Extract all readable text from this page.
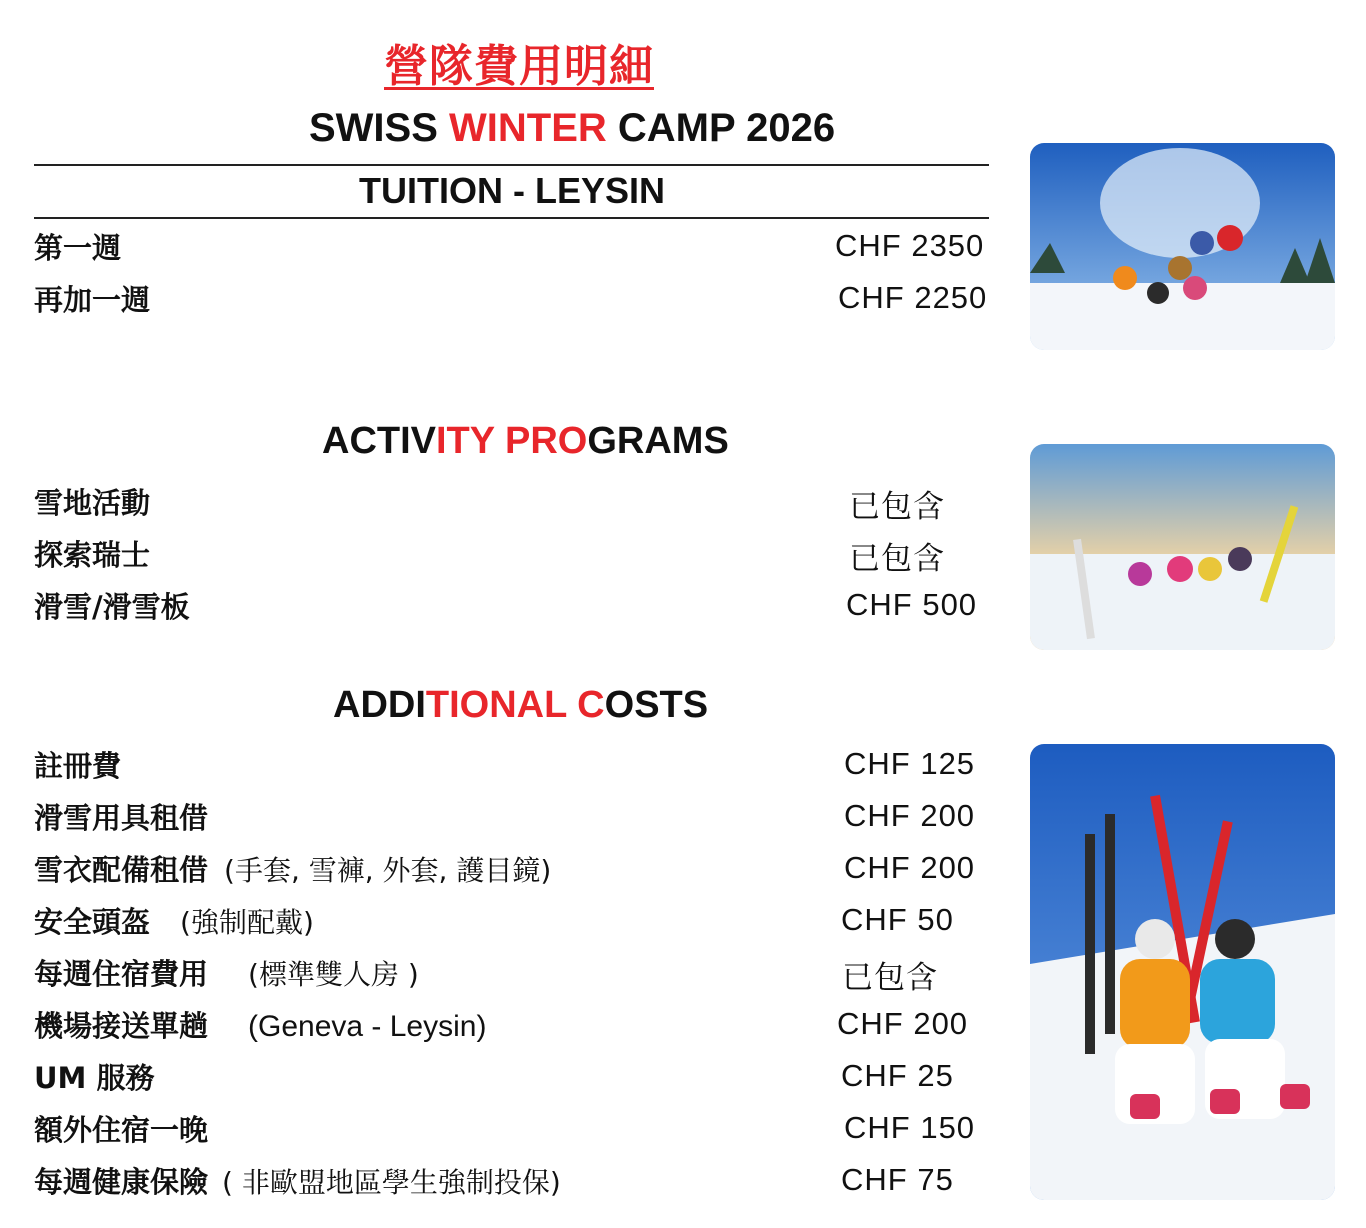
營隊費用明細
SWISS WINTER CAMP 2026
TUITION - LEYSIN
第一週	CHF 2350
再加一週	CHF 2250
ACTIVITY PROGRAMS
雪地活動	已包含
探索瑞士	已包含
滑雪/滑雪板	CHF 500
ADDITIONAL COSTS
註冊費	CHF 125
滑雪用具租借	CHF 200
雪衣配備租借 (手套, 雪褲, 外套, 護目鏡)	CHF 200
安全頭盔 (強制配戴)	CHF 50
每週住宿費用 (標準雙人房 )	已包含
機場接送單趟 (Geneva - Leysin)	CHF 200
UM 服務	CHF 25
額外住宿一晚	CHF 150
每週健康保險 ( 非歐盟地區學生強制投保)	CHF 75
